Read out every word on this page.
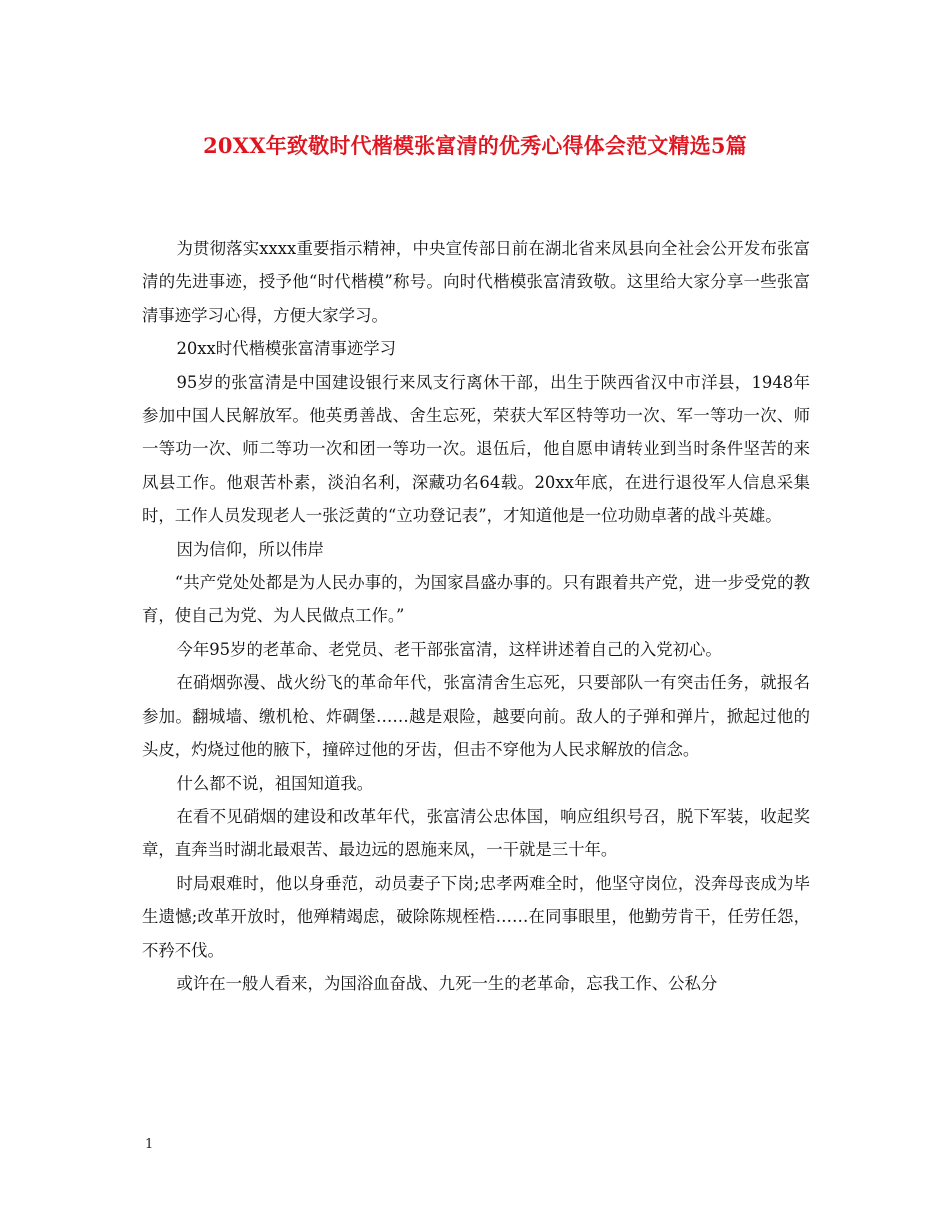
20XX年致敬时代楷模张富清的优秀心得体会范文精选5篇

为贯彻落实xxxx重要指示精神，中央宣传部日前在湖北省来凤县向全社会公开发布张富清的先进事迹，授予他“时代楷模”称号。向时代楷模张富清致敬。这里给大家分享一些张富清事迹学习心得，方便大家学习。

20xx时代楷模张富清事迹学习

95岁的张富清是中国建设银行来凤支行离休干部，出生于陕西省汉中市洋县，1948年参加中国人民解放军。他英勇善战、舍生忘死，荣获大军区特等功一次、军一等功一次、师一等功一次、师二等功一次和团一等功一次。退伍后，他自愿申请转业到当时条件坚苦的来凤县工作。他艰苦朴素，淡泊名利，深藏功名64载。20xx年底，在进行退役军人信息采集时，工作人员发现老人一张泛黄的“立功登记表”，才知道他是一位功勋卓著的战斗英雄。

因为信仰，所以伟岸

“共产党处处都是为人民办事的，为国家昌盛办事的。只有跟着共产党，进一步受党的教育，使自己为党、为人民做点工作。”

今年95岁的老革命、老党员、老干部张富清，这样讲述着自己的入党初心。

在硝烟弥漫、战火纷飞的革命年代，张富清舍生忘死，只要部队一有突击任务，就报名参加。翻城墙、缴机枪、炸碉堡……越是艰险，越要向前。敌人的子弹和弹片，掀起过他的头皮，灼烧过他的腋下，撞碎过他的牙齿，但击不穿他为人民求解放的信念。

什么都不说，祖国知道我。

在看不见硝烟的建设和改革年代，张富清公忠体国，响应组织号召，脱下军装，收起奖章，直奔当时湖北最艰苦、最边远的恩施来凤，一干就是三十年。

时局艰难时，他以身垂范，动员妻子下岗;忠孝两难全时，他坚守岗位，没奔母丧成为毕生遗憾;改革开放时，他殚精竭虑，破除陈规桎梏……在同事眼里，他勤劳肯干，任劳任怨，不矜不伐。

或许在一般人看来，为国浴血奋战、九死一生的老革命，忘我工作、公私分

1
